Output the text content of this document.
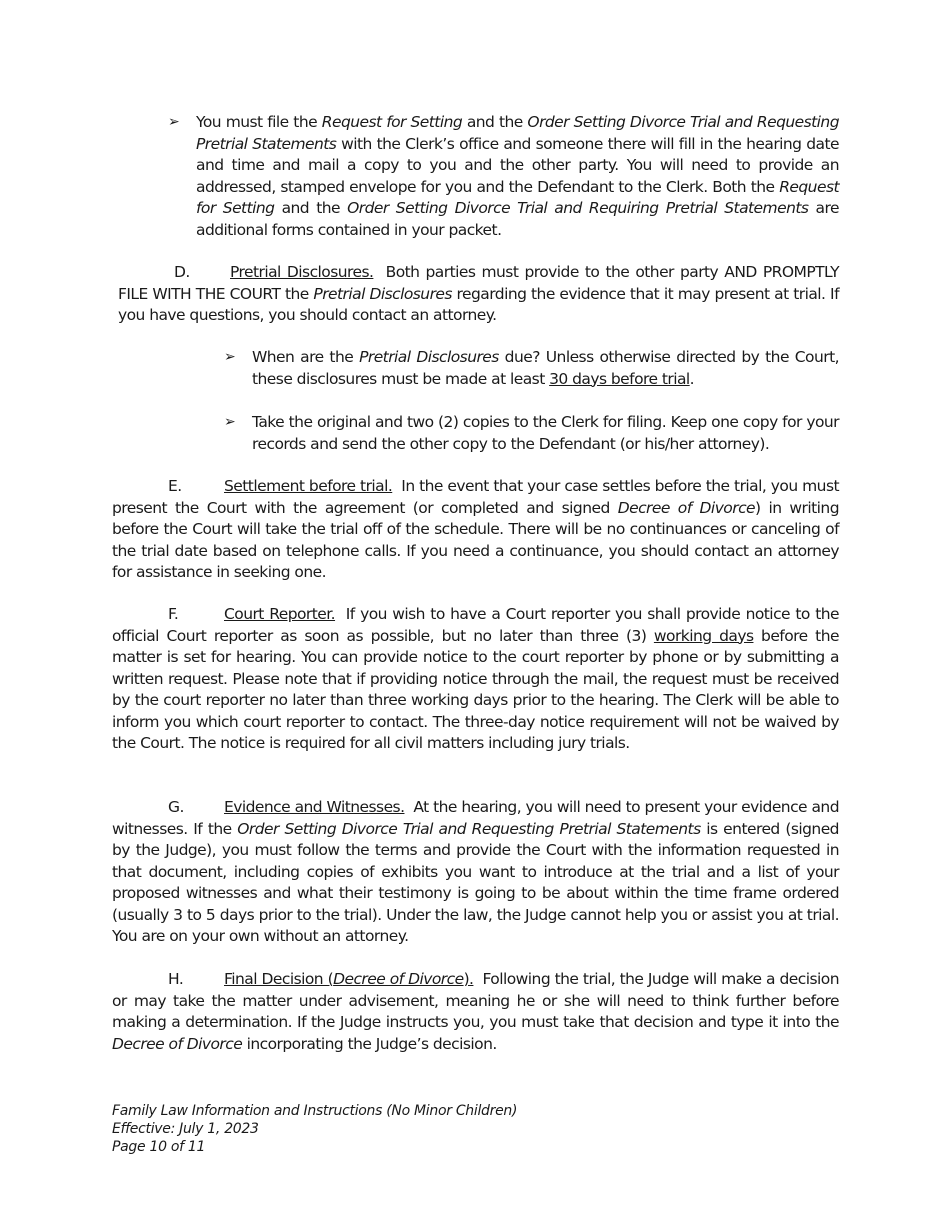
➢ You must file the Request for Setting and the Order Setting Divorce Trial and Requesting Pretrial Statements with the Clerk’s office and someone there will fill in the hearing date and time and mail a copy to you and the other party. You will need to provide an addressed, stamped envelope for you and the Defendant to the Clerk. Both the Request for Setting and the Order Setting Divorce Trial and Requiring Pretrial Statements are additional forms contained in your packet.

D.	Pretrial Disclosures. Both parties must provide to the other party AND PROMPTLY FILE WITH THE COURT the Pretrial Disclosures regarding the evidence that it may present at trial. If you have questions, you should contact an attorney.

➢ When are the Pretrial Disclosures due? Unless otherwise directed by the Court, these disclosures must be made at least 30 days before trial.

➢ Take the original and two (2) copies to the Clerk for filing. Keep one copy for your records and send the other copy to the Defendant (or his/her attorney).

E.	Settlement before trial. In the event that your case settles before the trial, you must present the Court with the agreement (or completed and signed Decree of Divorce) in writing before the Court will take the trial off of the schedule. There will be no continuances or canceling of the trial date based on telephone calls. If you need a continuance, you should contact an attorney for assistance in seeking one.

F.	Court Reporter. If you wish to have a Court reporter you shall provide notice to the official Court reporter as soon as possible, but no later than three (3) working days before the matter is set for hearing. You can provide notice to the court reporter by phone or by submitting a written request. Please note that if providing notice through the mail, the request must be received by the court reporter no later than three working days prior to the hearing. The Clerk will be able to inform you which court reporter to contact. The three-day notice requirement will not be waived by the Court. The notice is required for all civil matters including jury trials.

G.	Evidence and Witnesses. At the hearing, you will need to present your evidence and witnesses. If the Order Setting Divorce Trial and Requesting Pretrial Statements is entered (signed by the Judge), you must follow the terms and provide the Court with the information requested in that document, including copies of exhibits you want to introduce at the trial and a list of your proposed witnesses and what their testimony is going to be about within the time frame ordered (usually 3 to 5 days prior to the trial). Under the law, the Judge cannot help you or assist you at trial. You are on your own without an attorney.

H.	Final Decision (Decree of Divorce). Following the trial, the Judge will make a decision or may take the matter under advisement, meaning he or she will need to think further before making a determination. If the Judge instructs you, you must take that decision and type it into the Decree of Divorce incorporating the Judge’s decision.

Family Law Information and Instructions (No Minor Children)
Effective: July 1, 2023
Page 10 of 11
